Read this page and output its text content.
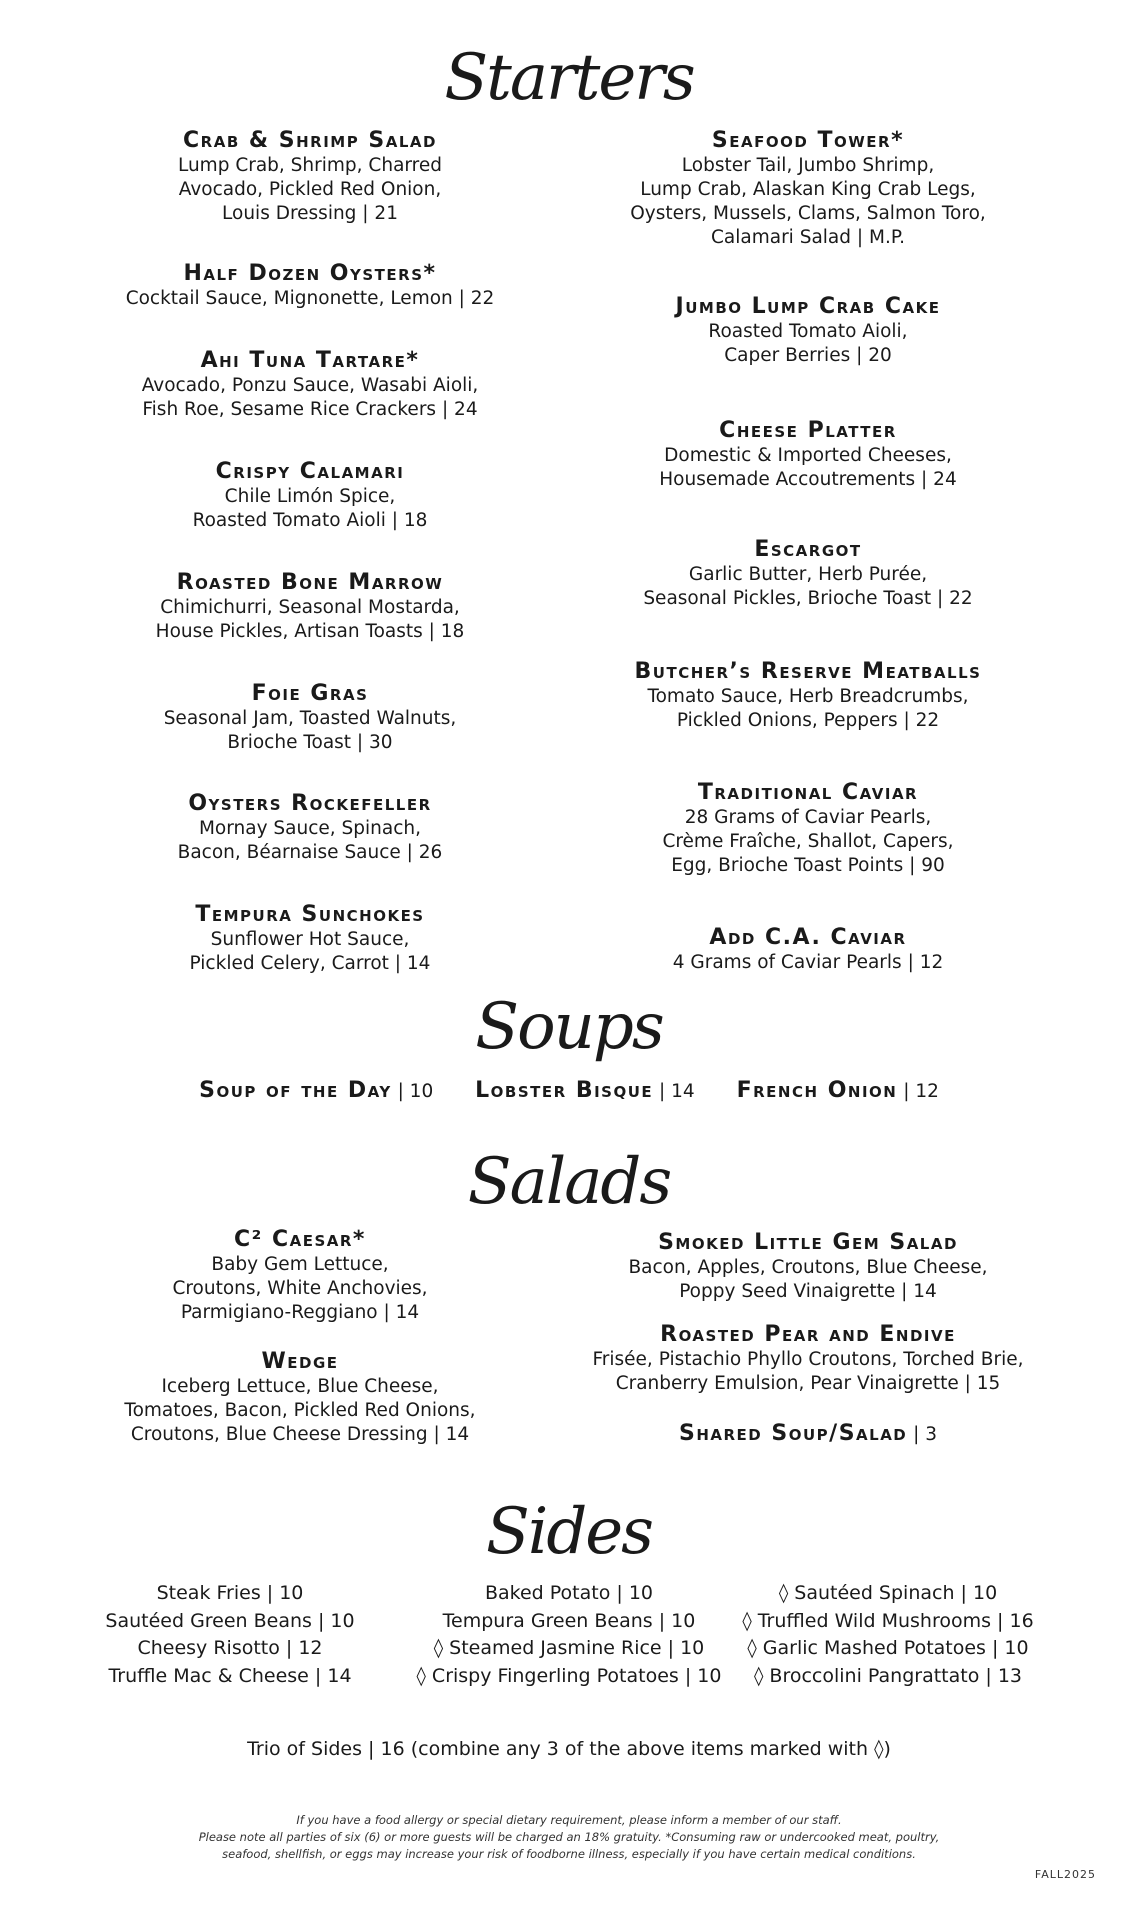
Starters
Crab & Shrimp Salad
Lump Crab, Shrimp, Charred
Avocado, Pickled Red Onion,
Louis Dressing | 21
Half Dozen Oysters*
Cocktail Sauce, Mignonette, Lemon | 22
Ahi Tuna Tartare*
Avocado, Ponzu Sauce, Wasabi Aioli,
Fish Roe, Sesame Rice Crackers | 24
Crispy Calamari
Chile Limón Spice,
Roasted Tomato Aioli | 18
Roasted Bone Marrow
Chimichurri, Seasonal Mostarda,
House Pickles, Artisan Toasts | 18
Foie Gras
Seasonal Jam, Toasted Walnuts,
Brioche Toast | 30
Oysters Rockefeller
Mornay Sauce, Spinach,
Bacon, Béarnaise Sauce | 26
Tempura Sunchokes
Sunflower Hot Sauce,
Pickled Celery, Carrot | 14
Seafood Tower*
Lobster Tail, Jumbo Shrimp,
Lump Crab, Alaskan King Crab Legs,
Oysters, Mussels, Clams, Salmon Toro,
Calamari Salad | M.P.
Jumbo Lump Crab Cake
Roasted Tomato Aioli,
Caper Berries | 20
Cheese Platter
Domestic & Imported Cheeses,
Housemade Accoutrements | 24
Escargot
Garlic Butter, Herb Purée,
Seasonal Pickles, Brioche Toast | 22
Butcher’s Reserve Meatballs
Tomato Sauce, Herb Breadcrumbs,
Pickled Onions, Peppers | 22
Traditional Caviar
28 Grams of Caviar Pearls,
Crème Fraîche, Shallot, Capers,
Egg, Brioche Toast Points | 90
Add C.A. Caviar
4 Grams of Caviar Pearls | 12
Soups
Soup of the Day | 10 Lobster Bisque | 14 French Onion | 12
Salads
C² Caesar*
Baby Gem Lettuce,
Croutons, White Anchovies,
Parmigiano-Reggiano | 14
Wedge
Iceberg Lettuce, Blue Cheese,
Tomatoes, Bacon, Pickled Red Onions,
Croutons, Blue Cheese Dressing | 14
Smoked Little Gem Salad
Bacon, Apples, Croutons, Blue Cheese,
Poppy Seed Vinaigrette | 14
Roasted Pear and Endive
Frisée, Pistachio Phyllo Croutons, Torched Brie,
Cranberry Emulsion, Pear Vinaigrette | 15
Shared Soup/Salad | 3
Sides
Steak Fries | 10
Sautéed Green Beans | 10
Cheesy Risotto | 12
Truffle Mac & Cheese | 14
Baked Potato | 10
Tempura Green Beans | 10
◊ Steamed Jasmine Rice | 10
◊ Crispy Fingerling Potatoes | 10
◊ Sautéed Spinach | 10
◊ Truffled Wild Mushrooms | 16
◊ Garlic Mashed Potatoes | 10
◊ Broccolini Pangrattato | 13
Trio of Sides | 16 (combine any 3 of the above items marked with ◊)
If you have a food allergy or special dietary requirement, please inform a member of our staff.
Please note all parties of six (6) or more guests will be charged an 18% gratuity. *Consuming raw or undercooked meat, poultry,
seafood, shellfish, or eggs may increase your risk of foodborne illness, especially if you have certain medical conditions.
FALL2025
